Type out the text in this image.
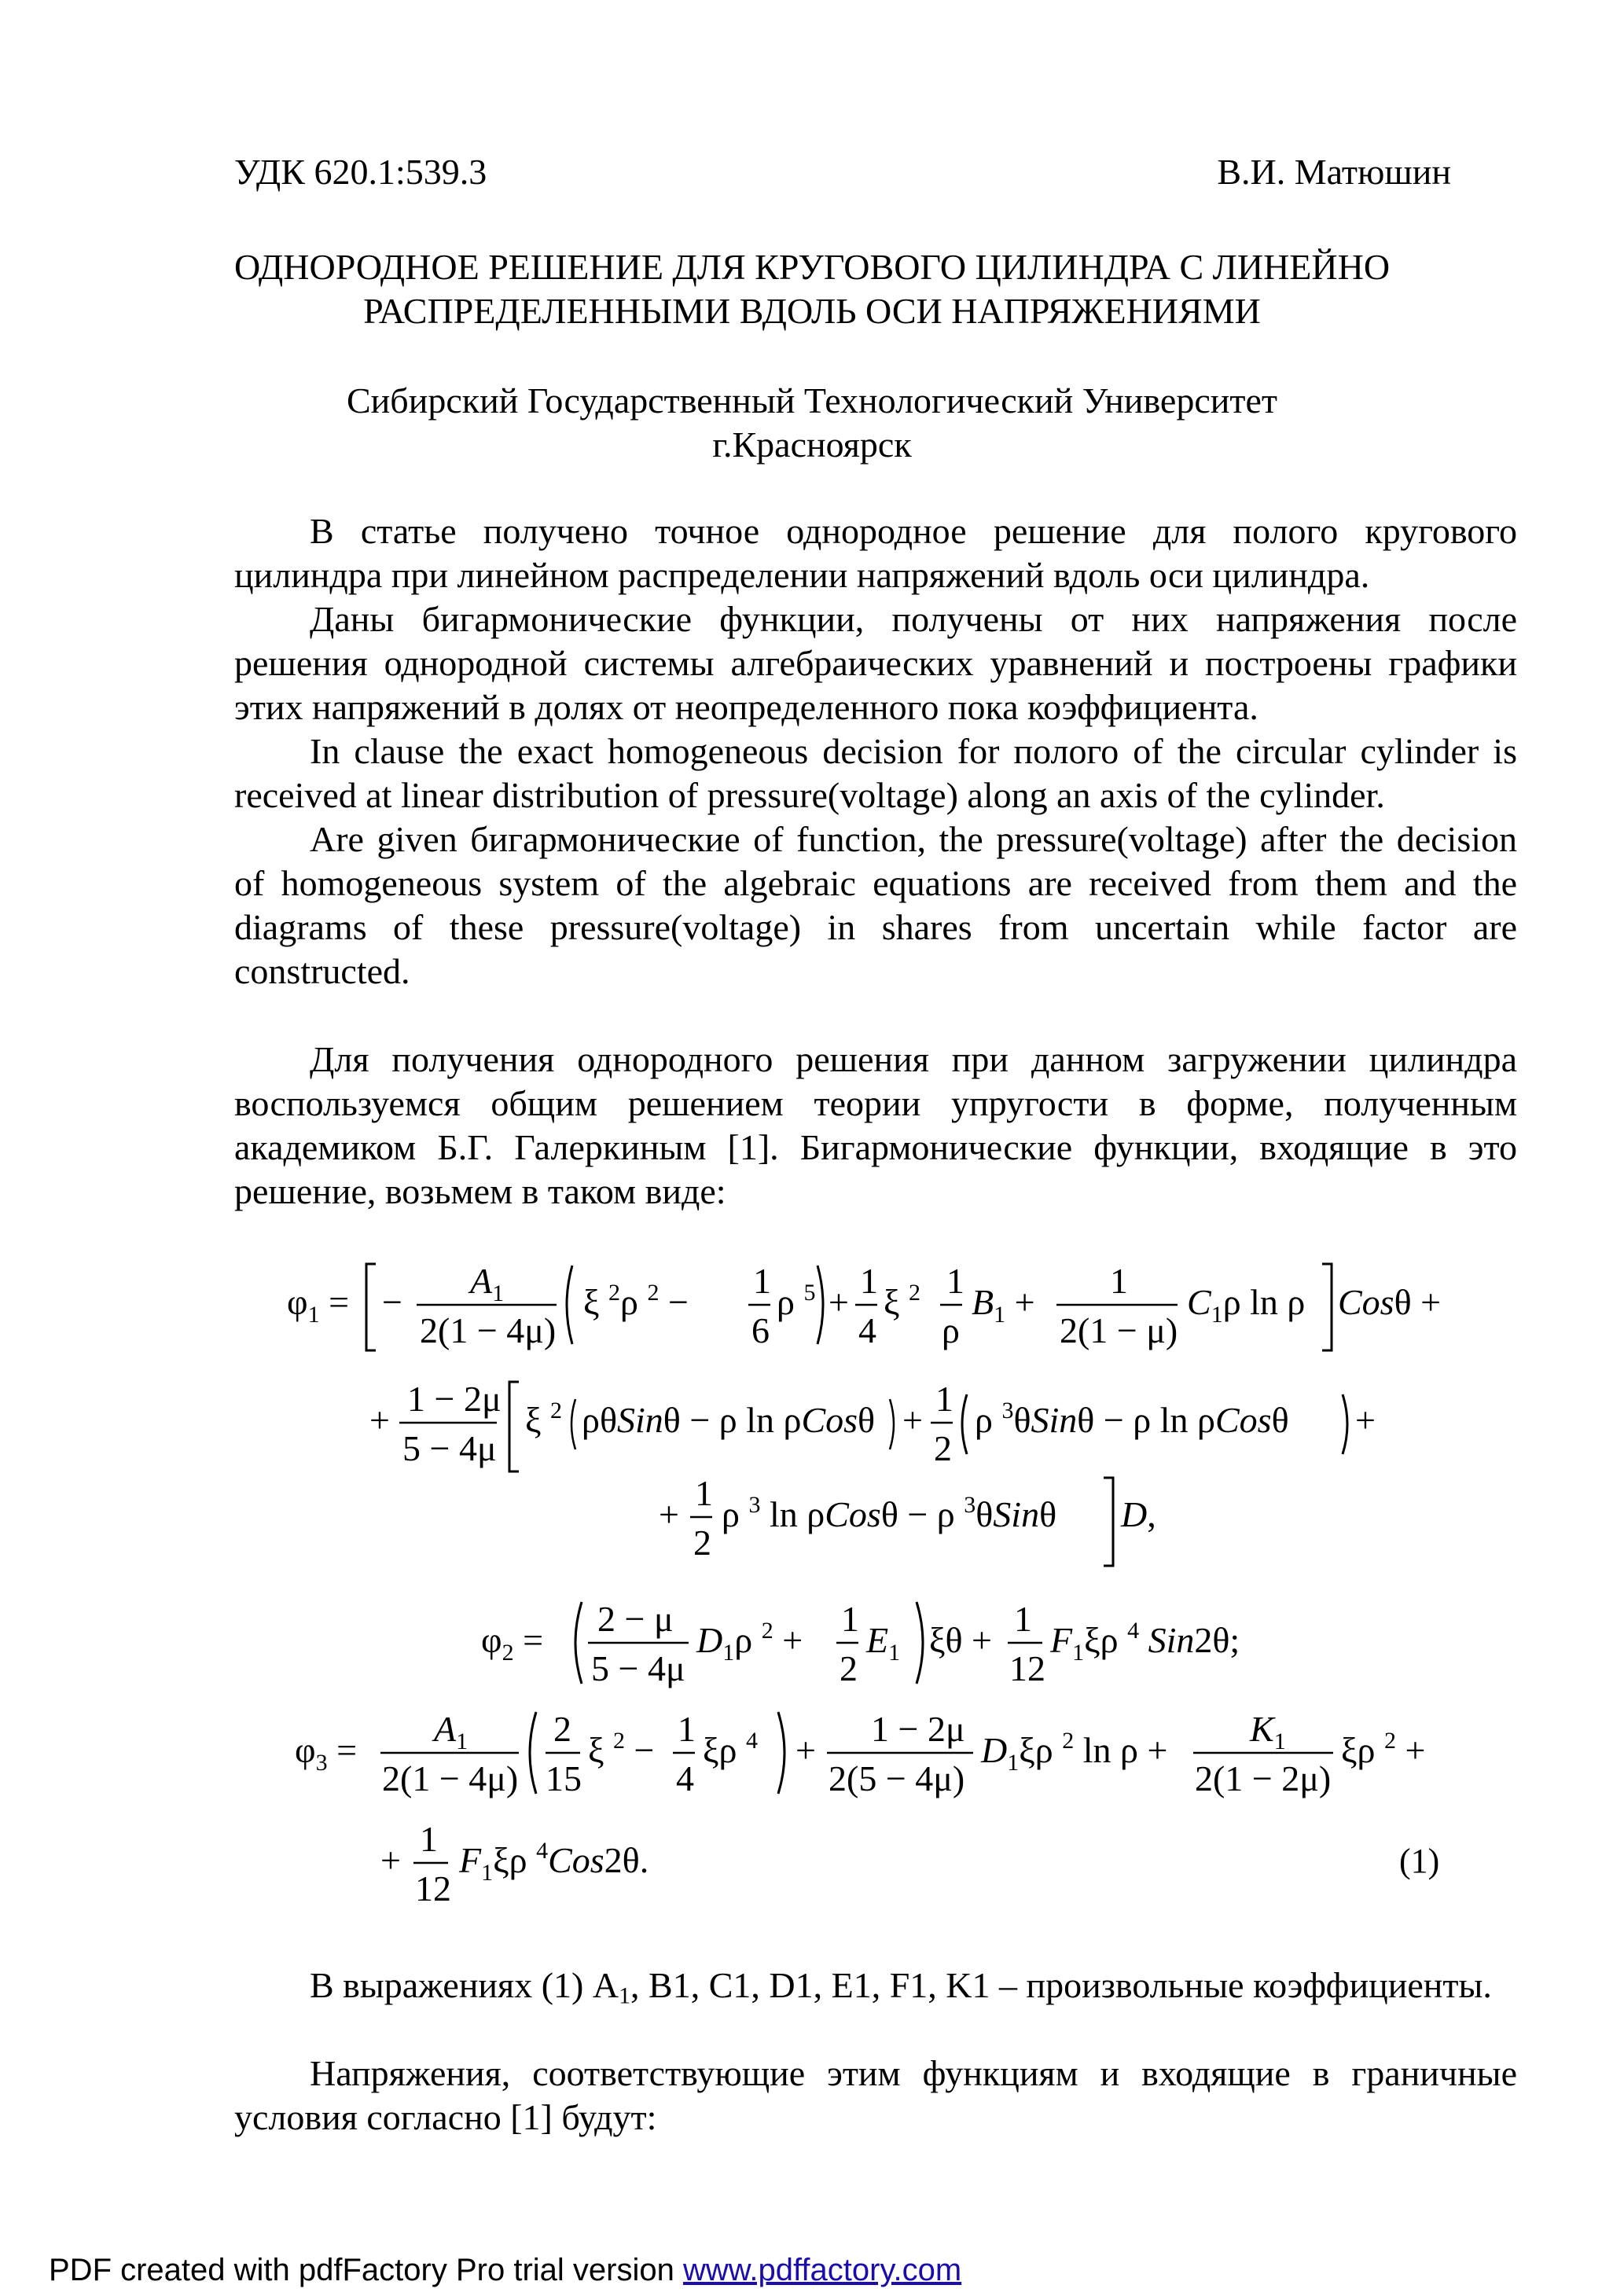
УДК 620.1:539.3	В.И. Матюшин
ОДНОРОДНОЕ РЕШЕНИЕ ДЛЯ КРУГОВОГО ЦИЛИНДРА С ЛИНЕЙНО
РАСПРЕДЕЛЕННЫМИ ВДОЛЬ ОСИ НАПРЯЖЕНИЯМИ
Сибирский Государственный Технологический Университет
г.Красноярск

В статье получено точное однородное решение для полого кругового цилиндра при линейном распределении напряжений вдоль оси цилиндра.

Даны бигармонические функции, получены от них напряжения после решения однородной системы алгебраических уравнений и построены графики этих напряжений в долях от неопределенного пока коэффициента.

In clause the exact homogeneous decision for полого of the circular cylinder is received at linear distribution of pressure(voltage) along an axis of the cylinder.

Are given бигармонические of function, the pressure(voltage) after the decision of homogeneous system of the algebraic equations are received from them and the diagrams of these pressure(voltage) in shares from uncertain while factor are constructed.

Для получения однородного решения при данном загружении цилиндра воспользуемся общим решением теории упругости в форме, полученным академиком Б.Г. Галеркиным [1]. Бигармонические функции, входящие в это решение, возьмем в таком виде:

$\varphi_1$ = −
$A_1$
2(1 − 4μ)
ξ $^2$ρ $^2$ −
1
6
ρ $^5$ +
1
4
ξ $^2$ 1
ρ
$B_1$ +
1
2(1 − μ)
$C_1\rho$ ln ρ Cosθ +
+
1 − 2μ
5 − 4μ
ξ $^2$ ρθSinθ − ρ ln ρCosθ +
1
2
ρ $^3$θSinθ − ρ ln ρCosθ +
+
1
2
ρ $^3$ ln ρCosθ − ρ $^3$θSinθ D,
$\varphi_2$ =
2 − μ
5 − 4μ
$D_1\rho$ $^2$ +
1
2
$E_1$ ξθ +
1
12
$F_1\xi\rho$ $^4$ Sin2θ;
$\varphi_3$ =
$A_1$
2(1 − 4μ)
2
15
ξ $^2$ −
1
4
ξρ $^4$ +
1 − 2μ
2(5 − 4μ)
$D_1\xi\rho$ $^2$ ln ρ +
$K_1$
2(1 − 2μ)
ξρ $^2$ +
+
1
12
$F_1\xi\rho$ $^4$Cos2θ.	(1)

В выражениях (1) $A_1$, B1, C1, D1, E1, F1, K1 – произвольные коэффициенты.

Напряжения, соответствующие этим функциям и входящие в граничные условия согласно [1] будут:

PDF created with pdfFactory Pro trial version www.pdffactory.com
